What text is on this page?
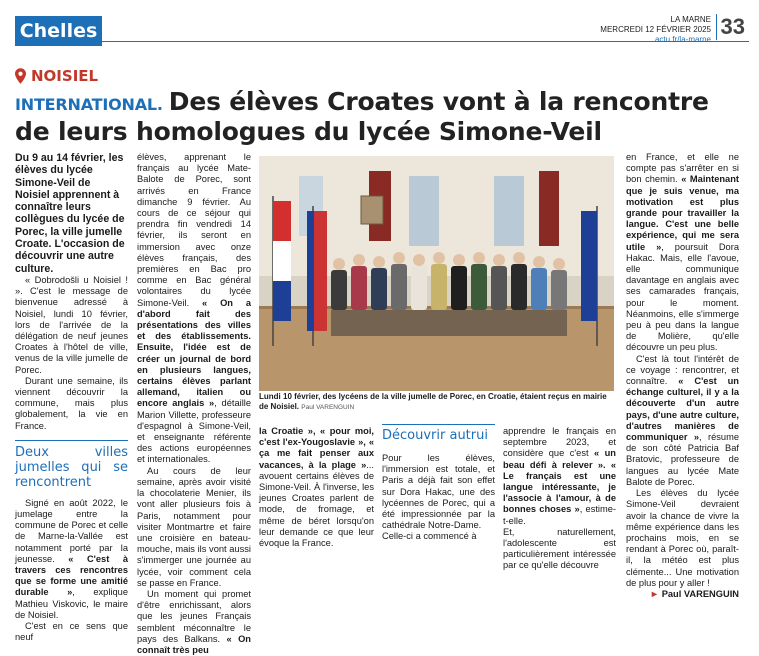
Chelles
LA MARNE
MERCREDI 12 FÉVRIER 2025
actu.fr/la-marne
33
NOISIEL
INTERNATIONAL. Des élèves Croates vont à la rencontre de leurs homologues du lycée Simone-Veil

Du 9 au 14 février, les élèves du lycée Simone-Veil de Noisiel apprennent à connaître leurs collègues du lycée de Porec, la ville jumelle Croate. L'occasion de découvrir une autre culture.

« Dobrodošli u Noisiel ! ». C'est le message de bienvenue adressé à Noisiel, lundi 10 février, lors de l'arrivée de la délégation de neuf jeunes Croates à l'hôtel de ville, venus de la ville jumelle de Porec.

Durant une semaine, ils viennent découvrir la commune, mais plus globalement, la vie en France.

Deux villes jumelles qui se rencontrent

Signé en août 2022, le jumelage entre la commune de Porec et celle de Marne-la-Vallée est notamment porté par la jeunesse. « C'est à travers ces rencontres que se forme une amitié durable », explique Mathieu Viskovic, le maire de Noisiel.

C'est en ce sens que neuf

élèves, apprenant le français au lycée Mate-Balote de Porec, sont arrivés en France dimanche 9 février. Au cours de ce séjour qui prendra fin vendredi 14 février, ils seront en immersion avec onze élèves français, des premières en Bac pro comme en Bac général volontaires du lycée Simone-Veil. « On a d'abord fait des présentations des villes et des établissements. Ensuite, l'idée est de créer un journal de bord en plusieurs langues, certains élèves parlant allemand, italien ou encore anglais », détaille Marion Villette, professeure d'espagnol à Simone-Veil, et enseignante référente des actions européennes et internationales.

Au cours de leur semaine, après avoir visité la chocolaterie Menier, ils vont aller plusieurs fois à Paris, notamment pour visiter Montmartre et faire une croisière en bateau-mouche, mais ils vont aussi s'immerger une journée au lycée, voir comment cela se passe en France.

Un moment qui promet d'être enrichissant, alors que les jeunes Français semblent méconnaître le pays des Balkans. « On connaît très peu

Lundi 10 février, des lycéens de la ville jumelle de Porec, en Croatie, étaient reçus en mairie de Noisiel. Paul VARENGUIN

la Croatie », « pour moi, c'est l'ex-Yougoslavie », « ça me fait penser aux vacances, à la plage »... avouent certains élèves de Simone-Veil. À l'inverse, les jeunes Croates parlent de mode, de fromage, et même de béret lorsqu'on leur demande ce que leur évoque la France.

Découvrir autrui

Pour les élèves, l'immersion est totale, et Paris a déjà fait son effet sur Dora Hakac, une des lycéennes de Porec, qui a été impressionnée par la cathédrale Notre-Dame.

Celle-ci a commencé à

apprendre le français en septembre 2023, et considère que c'est « un beau défi à relever ». « Le français est une langue intéressante, je l'associe à l'amour, à de bonnes choses », estime-t-elle.

Et, naturellement, l'adolescente est particulièrement intéressée par ce qu'elle découvre

en France, et elle ne compte pas s'arrêter en si bon chemin. « Maintenant que je suis venue, ma motivation est plus grande pour travailler la langue. C'est une belle expérience, qui me sera utile », poursuit Dora Hakac. Mais, elle l'avoue, elle communique davantage en anglais avec ses camarades français, pour le moment. Néanmoins, elle s'immerge peu à peu dans la langue de Molière, qu'elle découvre un peu plus.

C'est là tout l'intérêt de ce voyage : rencontrer, et connaître. « C'est un échange culturel, il y a la découverte d'un autre pays, d'une autre culture, d'autres manières de communiquer », résume de son côté Patricia Baf Bratovic, professeure de langues au lycée Mate Balote de Porec.

Les élèves du lycée Simone-Veil devraient avoir la chance de vivre la même expérience dans les prochains mois, en se rendant à Porec où, paraît-il, la météo est plus clémente... Une motivation de plus pour y aller !

► Paul VARENGUIN
